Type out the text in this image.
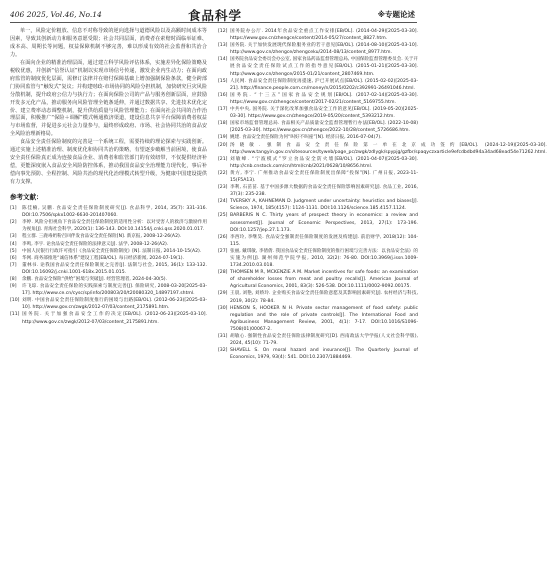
406 2025, Vol.46, No.14	食品科学	※专题论述

单一，风险定价粗放、信息不对称导致的逆向选择与道德风险以及高额时间成本等因素，导致其创新动力和服务意愿受限；社会共同层面，消费者在索赔时面临举证难、成本高、周期长等问题，权益保障机制不够完善，难以形成有效的社会监督和共治合力。

在面向企业的精准治理层面，通过建立科学风险评估体系，实施差异化保险策略及税收优惠，并创新“信誉认证”机制以实现市场信号传递，激发企业内生动力；在面向政府监管的制度优化层面，需修订法律并在赔付保障基础上增加强制保险条款，健全跨部门协同监管与“触发式”复议；并构建财政-市场协同的风险分担机制，加快研究巨灾风险分散机制，提升政府公信力与执行力；在面向保险公司的产品与服务创新层面，应鼓励开发多元化产品，推动服务向风险管理全链条延伸，并通过数据共享、先进技术优化定价、建立费率动态调整机制，提升供给质量与风险管理能力；在面向社会共同的合作治理层面，积极推广“保险＋调解”模式畅通救济渠道，建设信息共享平台保障消费者权益与市场监督，并促进多元社会力量参与，最终形成政府、市场、社会协同共治的食品安全风险治理新格局。

食品安全责任保险制度的完善是一个系统工程，需要持续的理论探索与实践创新。通过实施上述精准治理、制度优化和协同共治的策略，有望逐步破解当前困境，使食品安全责任保险真正成为连接食品企业、消费者和监管部门的有效纽带，不仅提供经济补偿，更能深度嵌入食品安全风险防控体系，推动我国食品安全治理能力现代化，事后补偿向事先预防、全程控制、风险共治的现代化治理模式转型升级，为健康中国建设提供有力支撑。

参考文献：
[1]	陈佳楠, 吴鹏. 食品安全责任保险制度研究[J]. 食品科学, 2014, 35(7): 331-316. DOI:10.7506/spkx1002-6630-201407060.
[2]	李婷. 风险分担视角下食品安全责任保险制度的适用性分析：以对受害人的救济与激励作用为视角[J]. 青海社会科学, 2020(1): 136-143. DOI:10.14154/j.cnki.qss.2020.01.017.
[3]	程立群. 三鹿毒奶粉召回伴发食品安全责任保险[N]. 新京报, 2008-12-26(A2).
[4]	李鸣, 李宇. 论食品安全责任保险的法律意义[J]. 法学, 2008-12-26(A2).
[5]	中国人民银行行政许可指引《食品安全责任保险制度》[N]. 法制日报, 2014-10-15(A2).
[6]	华网. 商务部推进“诚信体系”建设工程[EB/OL]. 每日经济新闻, 2024-07-19(1).
[7]	董林书. 论我国食品安全责任保险制度之完善[J]. 法制与社会, 2015, 36(1): 133-132. DOI:10.16092/j.cnki.1001-618x.2015.01.015.
[8]	余鹏. 食品安全保险“供给”困境与突破[J]. 经营管理者, 2024-04-30(5).
[9]	许飞琼. 食品安全责任保险的实践探索与制度完善[J]. 保险研究, 2008-03-20[2025-03-17]. http://www.ce.cn/cysc/sp/info/200803/20/t20080320_14897197.shtml.
[10] 刘明. 中国食品安全责任保险制度推行的困境与出路[EB/OL]. (2012-06-23)[2025-03-10]. http://www.gov.cn/zwgk/2012-07/03/content_2175891.htm.
[11] 国务院. 关于加强食品安全工作的决定[EB/OL]. (2012-06-23)[2025-03-10]. http://www.gov.cn/zwgk/2012-07/03/content_2175891.htm.
[12] 国务院办公厅. 2014年食品安全重点工作安排[EB/OL]. (2014-04-29)[2025-03-30]. https://www.gov.cn/zhengce/content/2014-05/27/content_8827.htm.
[13] 国务院. 关于加快发展现代保险服务业的若干意见[EB/OL]. (2014-08-10)[2025-03-10]. http://www.gov.cn/zhengce/zhengceku/2014-08/13/content_8977.htm.
[14] 国务院食品安全委员会办公室, 国家食品药品监督管理总局, 中国保险监督管理委员会. 关于开展食品安全责任保险试点工作的指导意见[EB/OL]. (2015-01-21)[2025-03-30]. http://www.gov.cn/zhengce/2015-01/21/content_2807469.htm.
[15] 人民网. 食品安全责任保险制度再提速, 沪已开展试点[EB/OL]. (2015-02-02)[2025-03-21]. http://finance.people.com.cn/money/n/2015/0202/c392991-26491046.html.
[16] 国务院. “十三五”国家食品安全规划[EB/OL]. (2017-02-14)[2025-03-30]. https://www.gov.cn/zhengce/content/2017-02/21/content_5169755.htm.
[17] 中共中央, 国务院. 关于深化改革加强食品安全工作的意见[EB/OL]. (2019-05-20)[2025-03-30]. https://www.gov.cn/zhengce/2019-05/20/content_5393212.htm.
[18] 国家市场监督管理总局. 食品相关产品质量安全监督管理暂行办法[EB/OL]. (2022-10-08)[2025-03-30]. https://www.gov.cn/zhengce/2022-10/28/content_5726686.htm.
[19] 姚建. 食品安全责任保险为何“叫好不叫座”[N]. 经济日报, 2016-07-04(7).
[20] 汤晓敏. 强制食品安全责任保险第一单在北京成功签约[EB/OL]. (2024-12-19)[2025-03-30]. http://www.tangyin.gov.cn/sitesources/tyweb/page_pc/zwgk/zdlygk/spypjg/gzfbr/spaqyczxarticle9efcdbdbd94a34ad68ead54e71262.html.
[21] 刘敏峰. “宁波模式”罗立食品安全防火墙[EB/OL]. (2021-04-07)[2025-03-30]. http://cnb.cnstock.com/cn/html/cnb/2021/0628/10/8656.html.
[22] 黄方, 李宁. 广州推动食品安全责任保险制度出保障“投保”[N]. 广州日报, 2023-11-15(F5A13).
[23] 李利, 石苗苗. 基于中国多源大数据的食品安全责任保险影响因素研究[J]. 食品工业, 2016, 37(3): 235-238.
[24] TVERSKY A, KAHNEMAN D. Judgment under uncertainty: heuristics and biases[J]. Science, 1974, 185(4157): 1124-1131. DOI:10.1126/science.185.4157.1124.
[25] BARBERIS N C. Thirty years of prospect theory in economics: a review and assessment[J]. Journal of Economic Perspectives, 2013, 27(1): 173-196. DOI:10.1257/jep.27.1.173.
[26] 李西玲, 李继昊. 食品安全强制责任保险制度的发展及构建[J]. 前沿财学, 2018(12): 104-115.
[27] 张丽, 戴琪敏, 李倩倩. 我国食品安全责任保险制度的推行困境与完善方法：以食品安全法》的实施为例[J]. 湖州师范学院学报, 2010, 32(2): 76-80. DOI:10.3969/j.issn.1009-1734.2010.03.018.
[28] THOMSEN M R, MCKENZIE A M. Market incentives for safe foods: an examination of shareholder losses from meat and poultry recalls[J]. American Journal of Agricultural Economics, 2001, 83(3): 526-538. DOI:10.1111/0002-9092.00175.
[29] 王晨, 刘艳, 刘娇玲. 企业购买食品安全责任保险意愿及其影响因素研究[J]. 农村经济与科技, 2019, 30(2): 78-84.
[30] HENSON S, HOOKER N H. Private sector management of food safety: public regulation and the role of private controls[J]. The International Food and Agribusiness Management Review, 2001, 4(1): 7-17. DOI:10.1016/S1096-7508(01)00067-2.
[31] 胡敏心. 强制性食品安全责任保险法律制度研究[D]. 西南政法大学学报(人文社会科学版), 2024, 45(10): 71-79.
[32] SHAVELL S. On moral hazard and insurance[J]. The Quarterly Journal of Economics, 1979, 93(4): 541. DOI:10.2307/1884469.
